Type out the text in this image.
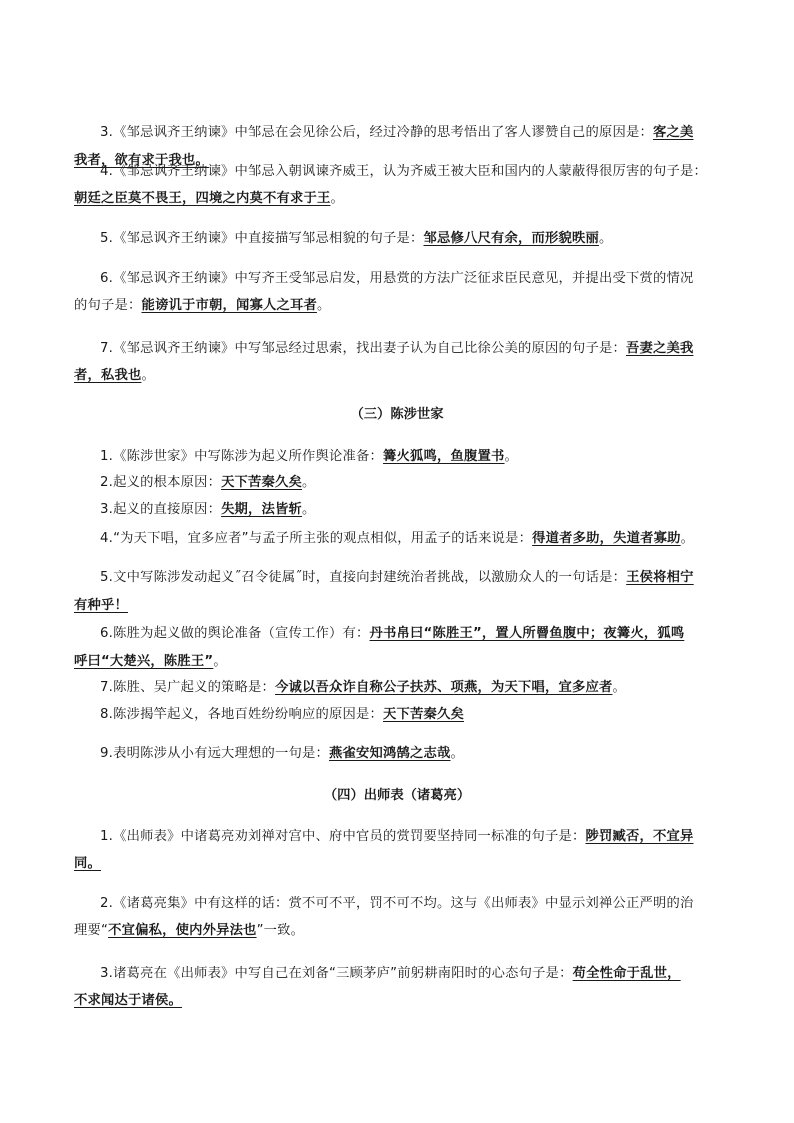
3.《邹忌讽齐王纳谏》中邹忌在会见徐公后，经过冷静的思考悟出了客人谬赞自己的原因是：客之美
我者，欲有求于我也。
4.《邹忌讽齐王纳谏》中邹忌入朝讽谏齐威王，认为齐威王被大臣和国内的人蒙蔽得很厉害的句子是：
朝廷之臣莫不畏王，四境之内莫不有求于王。
5.《邹忌讽齐王纳谏》中直接描写邹忌相貌的句子是：邹忌修八尺有余，而形貌昳丽。
6.《邹忌讽齐王纳谏》中写齐王受邹忌启发，用悬赏的方法广泛征求臣民意见，并提出受下赏的情况
的句子是：能谤讥于市朝，闻寡人之耳者。
7.《邹忌讽齐王纳谏》中写邹忌经过思索，找出妻子认为自己比徐公美的原因的句子是：吾妻之美我
者，私我也。
（三）陈涉世家
1.《陈涉世家》中写陈涉为起义所作舆论准备：篝火狐鸣，鱼腹置书。
2.起义的根本原因：天下苦秦久矣。
3.起义的直接原因：失期，法皆斩。
4.“为天下唱，宜多应者”与孟子所主张的观点相似，用孟子的话来说是：得道者多助，失道者寡助。
5.文中写陈涉发动起义˝召令徒属˝时，直接向封建统治者挑战，以激励众人的一句话是：王侯将相宁
有种乎！
6.陈胜为起义做的舆论准备（宣传工作）有：丹书帛曰“陈胜王”，置人所罾鱼腹中；夜篝火，狐鸣
呼曰“大楚兴，陈胜王”。
7.陈胜、吴广起义的策略是：今诚以吾众诈自称公子扶苏、项燕，为天下唱，宜多应者。
8.陈涉揭竿起义，各地百姓纷纷响应的原因是：天下苦秦久矣
9.表明陈涉从小有远大理想的一句是：燕雀安知鸿鹄之志哉。
（四）出师表（诸葛亮）
1.《出师表》中诸葛亮劝刘禅对宫中、府中官员的赏罚要坚持同一标准的句子是：陟罚臧否，不宜异
同。
2.《诸葛亮集》中有这样的话：赏不可不平，罚不可不均。这与《出师表》中显示刘禅公正严明的治
理要“不宜偏私，使内外异法也”一致。
3.诸葛亮在《出师表》中写自己在刘备“三顾茅庐”前躬耕南阳时的心态句子是：苟全性命于乱世，
不求闻达于诸侯。
